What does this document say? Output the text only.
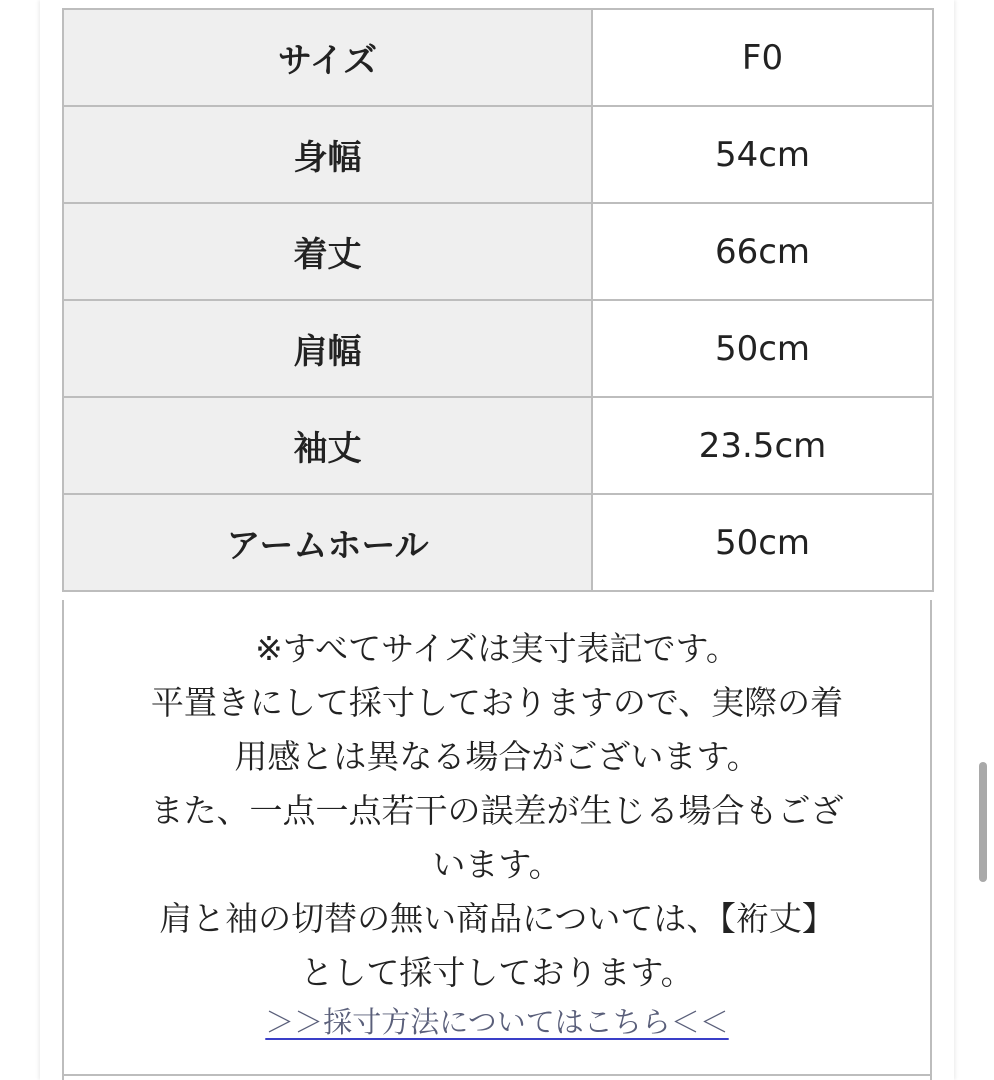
サイズ	F0
身幅	54cm
着丈	66cm
肩幅	50cm
袖丈	23.5cm
アームホール	50cm
※すべてサイズは実寸表記です。
平置きにして採寸しておりますので、実際の着
用感とは異なる場合がございます。
また、一点一点若干の誤差が生じる場合もござ
います。
肩と袖の切替の無い商品については、【裄丈】
として採寸しております。
＞＞採寸方法についてはこちら＜＜
